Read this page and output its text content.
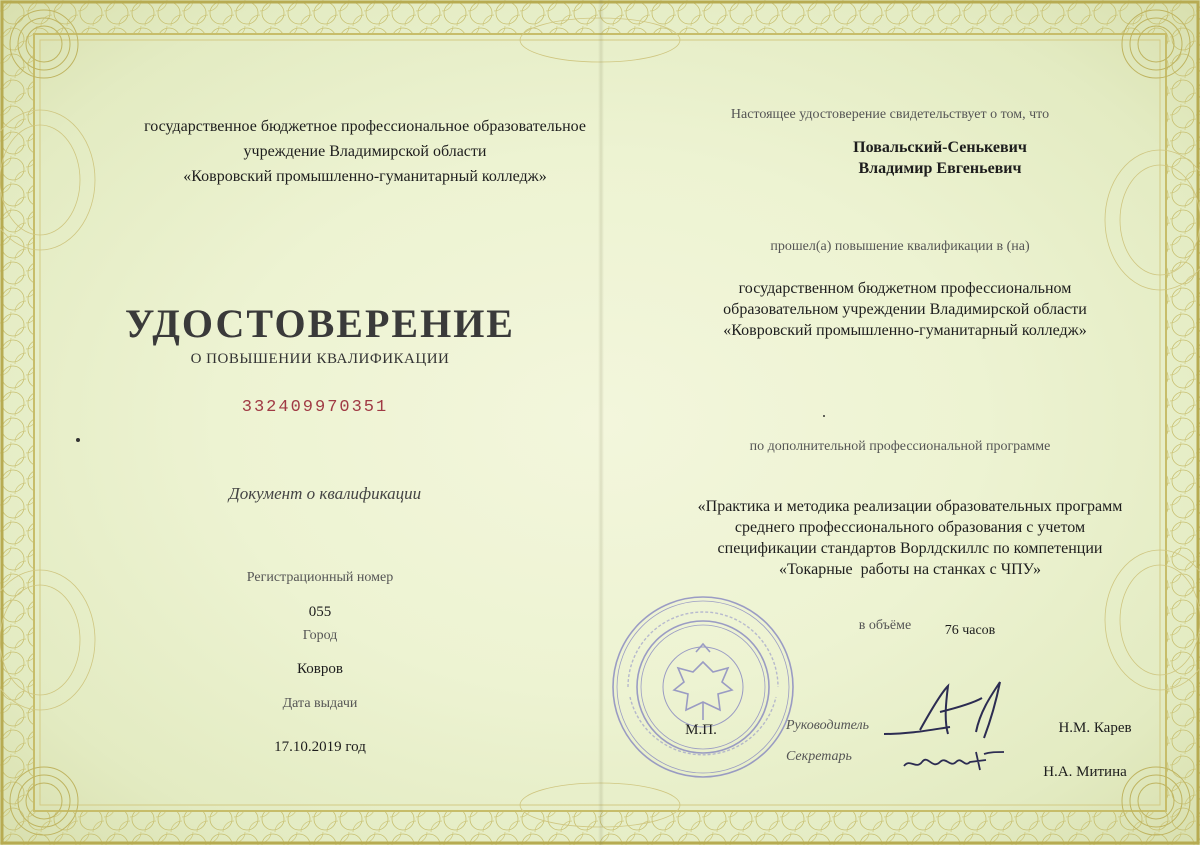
государственное бюджетное профессиональное образовательное
учреждение Владимирской области
«Ковровский промышленно-гуманитарный колледж»
УДОСТОВЕРЕНИЕ
О ПОВЫШЕНИИ КВАЛИФИКАЦИИ
332409970351
Документ о квалификации
Регистрационный номер
055
Город
Ковров
Дата выдачи
17.10.2019 год
Настоящее удостоверение свидетельствует о том, что
Повальский-Сенькевич
Владимир Евгеньевич
прошел(а) повышение квалификации в (на)
государственном бюджетном профессиональном
образовательном учреждении Владимирской области
«Ковровский промышленно-гуманитарный колледж»
по дополнительной профессиональной программе
«Практика и методика реализации образовательных программ
среднего профессионального образования с учетом
спецификации стандартов Ворлдскиллс по компетенции
«Токарные  работы на станках с ЧПУ»
в объёме	76 часов
М.П.	Руководитель
Секретарь
Н.М. Карев
Н.А. Митина
